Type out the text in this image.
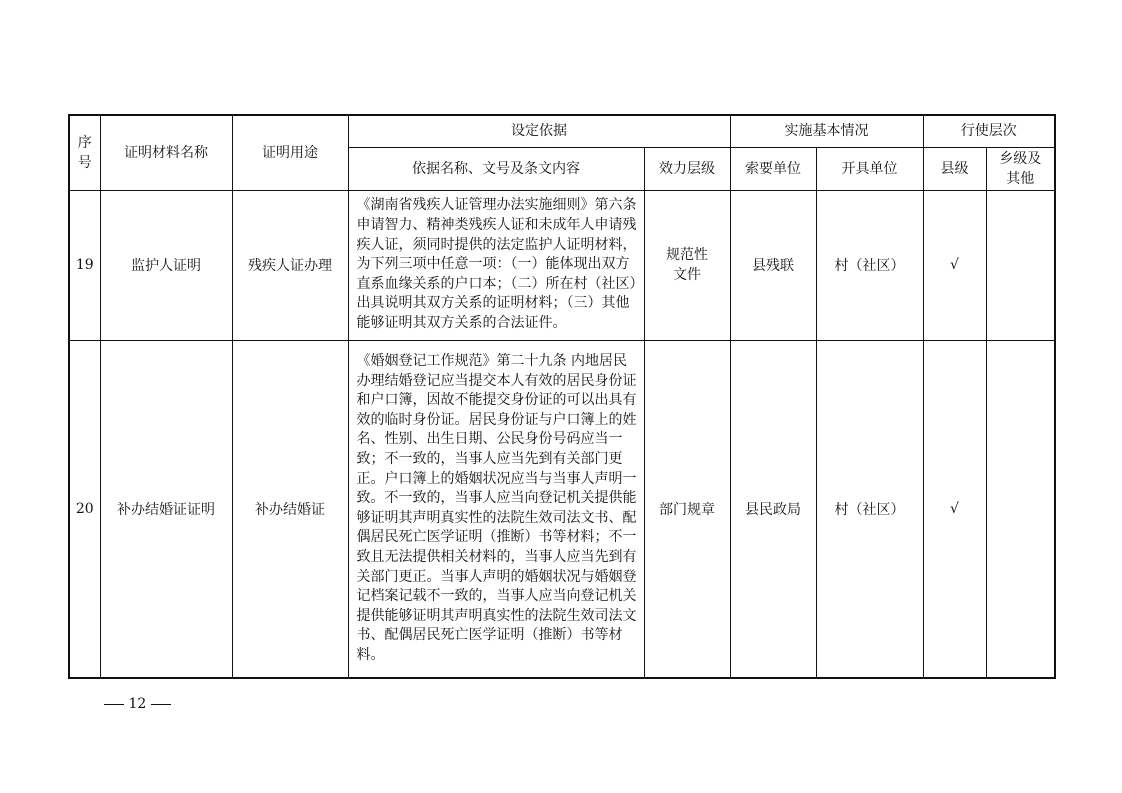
序号	证明材料名称	证明用途	设定依据		实施基本情况		行使层次	
			依据名称、文号及条文内容	效力层级	索要单位	开具单位	县级	乡级及其他

19	监护人证明	残疾人证办理	《湖南省残疾人证管理办法实施细则》第六条 申请智力、精神类残疾人证和未成年人申请残疾人证，须同时提供的法定监护人证明材料，为下列三项中任意一项：（一）能体现出双方直系血缘关系的户口本；（二）所在村（社区）出具说明其双方关系的证明材料；（三）其他能够证明其双方关系的合法证件。	规范性文件	县残联	村（社区）	√	
20	补办结婚证证明	补办结婚证	《婚姻登记工作规范》第二十九条 内地居民办理结婚登记应当提交本人有效的居民身份证和户口簿，因故不能提交身份证的可以出具有效的临时身份证。居民身份证与户口簿上的姓名、性别、出生日期、公民身份号码应当一致；不一致的，当事人应当先到有关部门更正。户口簿上的婚姻状况应当与当事人声明一致。不一致的，当事人应当向登记机关提供能够证明其声明真实性的法院生效司法文书、配偶居民死亡医学证明（推断）书等材料；不一致且无法提供相关材料的，当事人应当先到有关部门更正。当事人声明的婚姻状况与婚姻登记档案记载不一致的，当事人应当向登记机关提供能够证明其声明真实性的法院生效司法文书、配偶居民死亡医学证明（推断）书等材料。	部门规章	县民政局	村（社区）	√	
12
